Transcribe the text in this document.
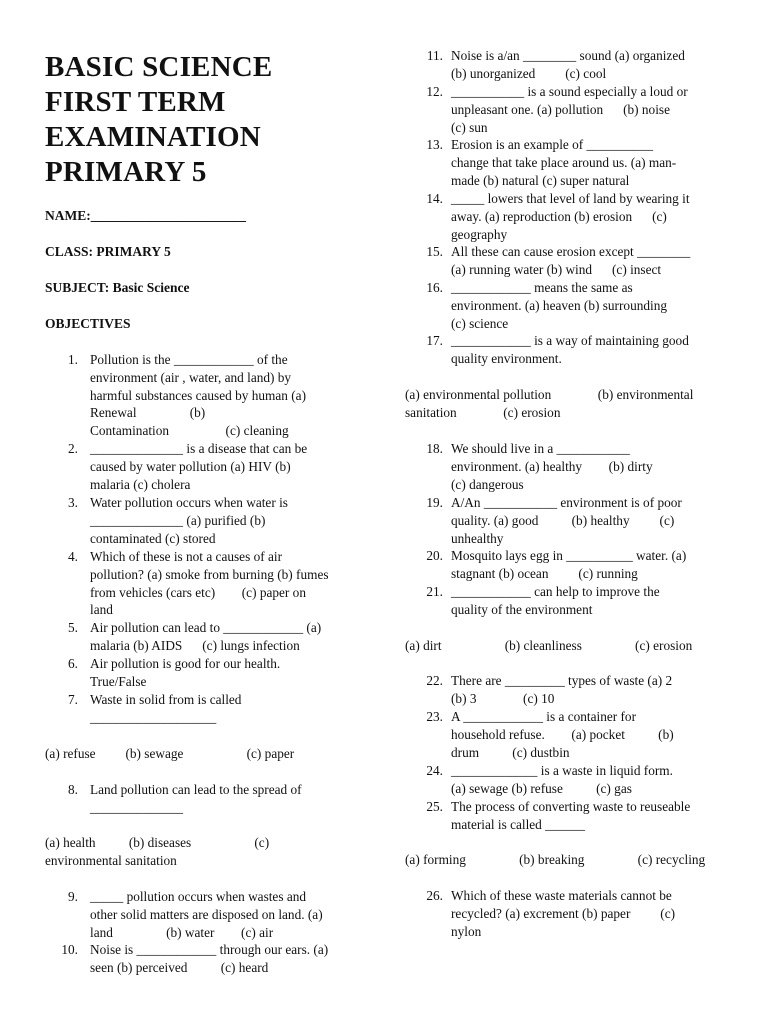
BASIC SCIENCE
FIRST TERM
EXAMINATION
PRIMARY 5
NAME:_______________________
CLASS: PRIMARY 5
SUBJECT: Basic Science
OBJECTIVES
1. Pollution is the ____________ of the
environment (air , water, and land) by
harmful substances caused by human (a)
Renewal                (b)
Contamination                 (c) cleaning
2. ______________ is a disease that can be
caused by water pollution (a) HIV (b)
malaria (c) cholera
3. Water pollution occurs when water is
______________ (a) purified (b)
contaminated (c) stored
4. Which of these is not a causes of air
pollution? (a) smoke from burning (b) fumes
from vehicles (cars etc)        (c) paper on
land
5. Air pollution can lead to ____________ (a)
malaria (b) AIDS      (c) lungs infection
6. Air pollution is good for our health.
True/False
7. Waste in solid from is called
___________________
(a) refuse         (b) sewage                   (c) paper
8. Land pollution can lead to the spread of
______________
(a) health          (b) diseases                   (c)
environmental sanitation
9. _____ pollution occurs when wastes and
other solid matters are disposed on land. (a)
land                (b) water        (c) air
10. Noise is ____________ through our ears. (a)
seen (b) perceived          (c) heard
11. Noise is a/an ________ sound (a) organized
(b) unorganized         (c) cool
12. ___________ is a sound especially a loud or
unpleasant one. (a) pollution      (b) noise
(c) sun
13. Erosion is an example of __________
change that take place around us. (a) man-
made (b) natural (c) super natural
14. _____ lowers that level of land by wearing it
away. (a) reproduction (b) erosion      (c)
geography
15. All these can cause erosion except ________
(a) running water (b) wind      (c) insect
16. ____________ means the same as
environment. (a) heaven (b) surrounding
(c) science
17. ____________ is a way of maintaining good
quality environment.
(a) environmental pollution              (b) environmental
sanitation              (c) erosion
18. We should live in a ___________
environment. (a) healthy        (b) dirty
(c) dangerous
19. A/An ___________ environment is of poor
quality. (a) good          (b) healthy         (c)
unhealthy
20. Mosquito lays egg in __________ water. (a)
stagnant (b) ocean         (c) running
21. ____________ can help to improve the
quality of the environment
(a) dirt                   (b) cleanliness                (c) erosion
22. There are _________ types of waste (a) 2
(b) 3              (c) 10
23. A ____________ is a container for
household refuse.        (a) pocket          (b)
drum          (c) dustbin
24. _____________ is a waste in liquid form.
(a) sewage (b) refuse          (c) gas
25. The process of converting waste to reuseable
material is called ______
(a) forming                (b) breaking                (c) recycling
26. Which of these waste materials cannot be
recycled? (a) excrement (b) paper         (c)
nylon
